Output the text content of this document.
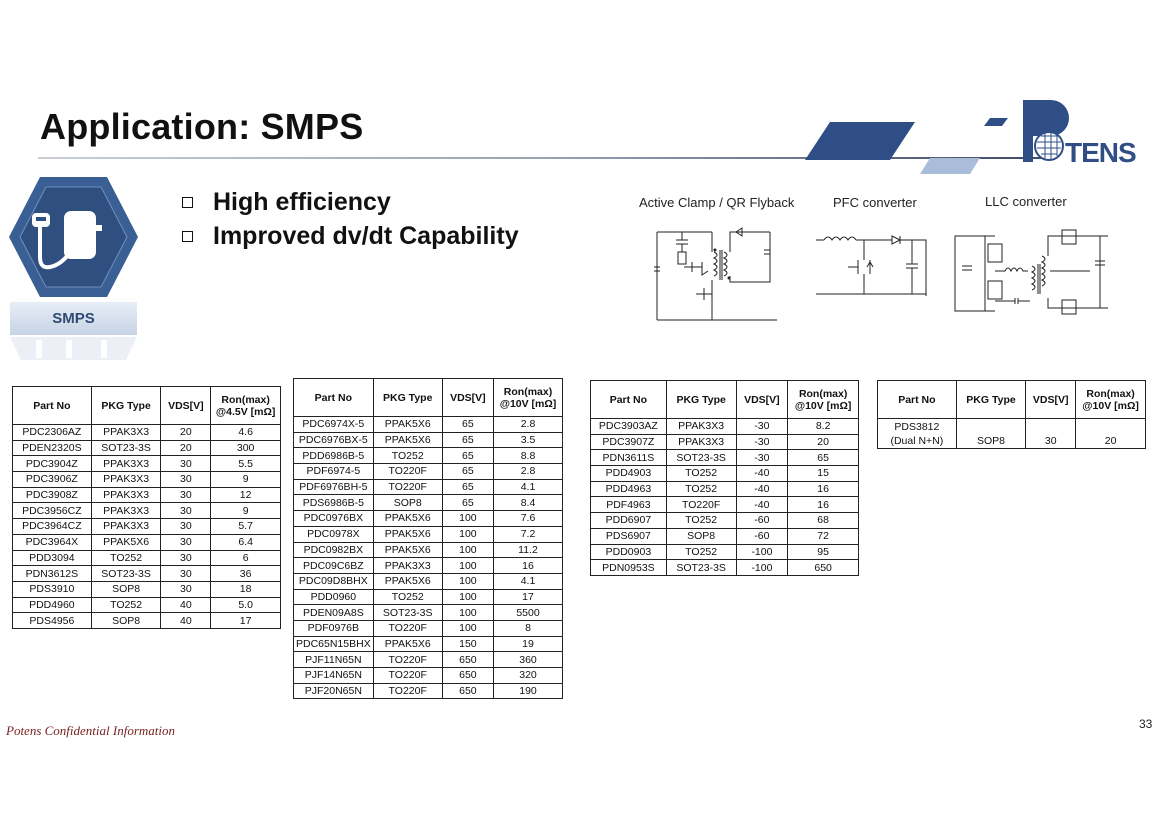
Application: SMPS
TENS
SMPS
High efficiency
Improved dv/dt Capability
Active Clamp / QR Flyback	PFC converter	LLC converter
Part No	PKG Type	VDS[V]	Ron(max)
@4.5V [mΩ]
PDC2306AZ	PPAK3X3	20	4.6
PDEN2320S	SOT23-3S	20	300
PDC3904Z	PPAK3X3	30	5.5
PDC3906Z	PPAK3X3	30	9
PDC3908Z	PPAK3X3	30	12
PDC3956CZ	PPAK3X3	30	9
PDC3964CZ	PPAK3X3	30	5.7
PDC3964X	PPAK5X6	30	6.4
PDD3094	TO252	30	6
PDN3612S	SOT23-3S	30	36
PDS3910	SOP8	30	18
PDD4960	TO252	40	5.0
PDS4956	SOP8	40	17
Part No	PKG Type	VDS[V]	Ron(max)
@10V [mΩ]
PDC6974X-5	PPAK5X6	65	2.8
PDC6976BX-5	PPAK5X6	65	3.5
PDD6986B-5	TO252	65	8.8
PDF6974-5	TO220F	65	2.8
PDF6976BH-5	TO220F	65	4.1
PDS6986B-5	SOP8	65	8.4
PDC0976BX	PPAK5X6	100	7.6
PDC0978X	PPAK5X6	100	7.2
PDC0982BX	PPAK5X6	100	11.2
PDC09C6BZ	PPAK3X3	100	16
PDC09D8BHX	PPAK5X6	100	4.1
PDD0960	TO252	100	17
PDEN09A8S	SOT23-3S	100	5500
PDF0976B	TO220F	100	8
PDC65N15BHX	PPAK5X6	150	19
PJF11N65N	TO220F	650	360
PJF14N65N	TO220F	650	320
PJF20N65N	TO220F	650	190
Part No	PKG Type	VDS[V]	Ron(max)
@10V [mΩ]
PDC3903AZ	PPAK3X3	-30	8.2
PDC3907Z	PPAK3X3	-30	20
PDN3611S	SOT23-3S	-30	65
PDD4903	TO252	-40	15
PDD4963	TO252	-40	16
PDF4963	TO220F	-40	16
PDD6907	TO252	-60	68
PDS6907	SOP8	-60	72
PDD0903	TO252	-100	95
PDN0953S	SOT23-3S	-100	650
Part No	PKG Type	VDS[V]	Ron(max)
@10V [mΩ]
PDS3812
(Dual N+N)	SOP8	30	20
Potens Confidential Information	33
